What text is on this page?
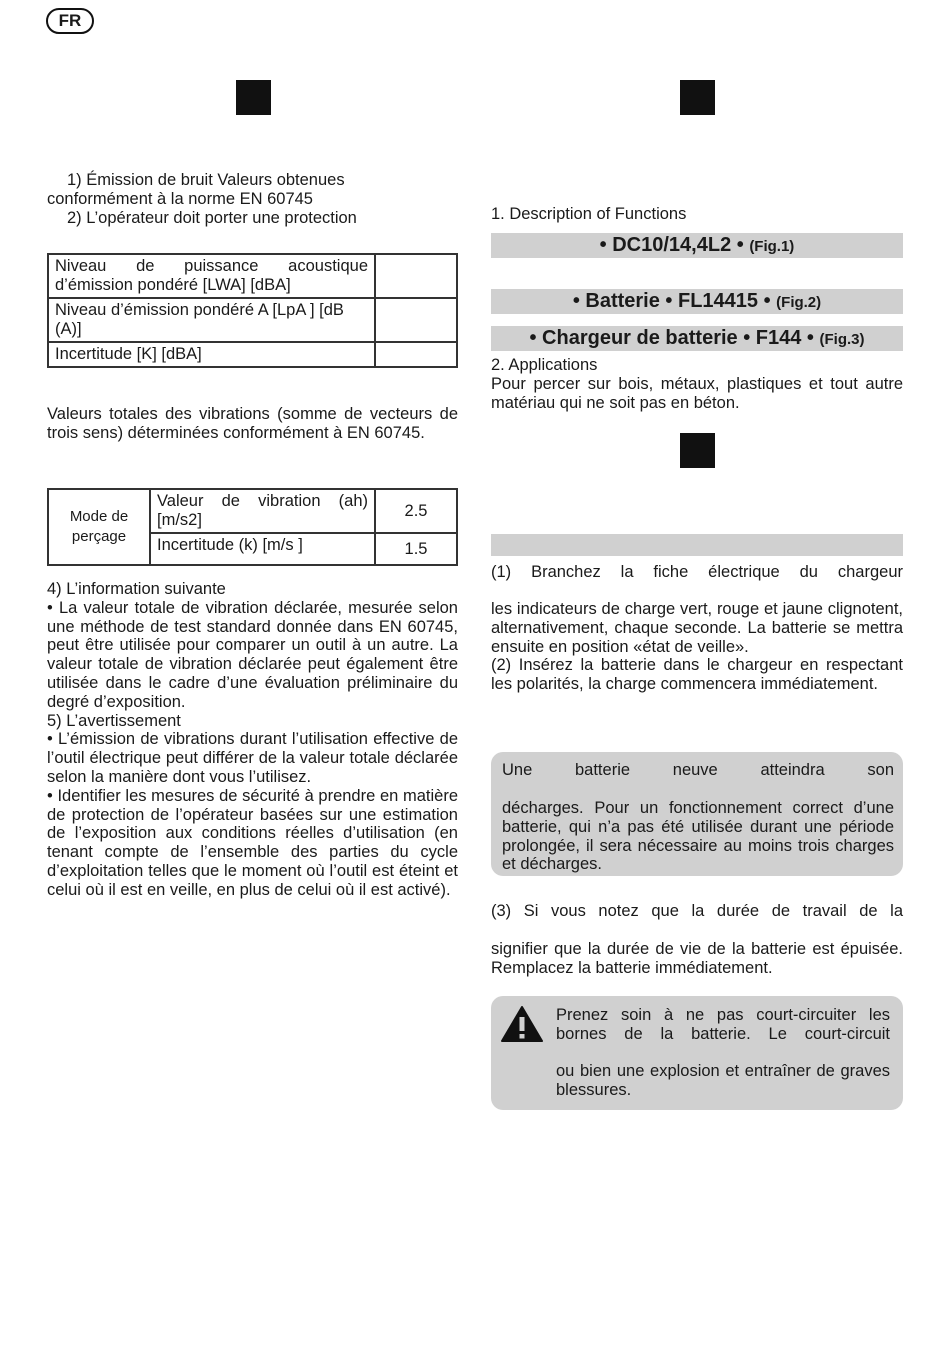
FR

1) Émission de bruit Valeurs obtenues

conformément à la norme EN 60745

2) L’opérateur doit porter une protection

Niveau de puissance acoustique d’émission pondéré [LWA] [dBA]	
Niveau d’émission pondéré A [LpA ] [dB (A)]	
Incertitude [K] [dBA]	
Valeurs totales des vibrations (somme de vecteurs de trois sens) déterminées conformément à EN 60745.
Mode de perçage	Valeur de vibration (ah) [m/s2]	2.5
	Incertitude (k) [m/s ]	1.5

4) L’information suivante

• La valeur totale de vibration déclarée, mesurée selon une méthode de test standard donnée dans EN 60745, peut être utilisée pour comparer un outil à un autre. La valeur totale de vibration déclarée peut également être utilisée dans le cadre d’une évaluation préliminaire du degré d’exposition.

5) L’avertissement

• L’émission de vibrations durant l’utilisation effective de l’outil électrique peut différer de la valeur totale déclarée selon la manière dont vous l’utilisez.

• Identifier les mesures de sécurité à prendre en matière de protection de l’opérateur basées sur une estimation de l’exposition aux conditions réelles d’utilisation (en tenant compte de l’ensemble des parties du cycle d’exploitation telles que le moment où l’outil est éteint et celui où il est en veille, en plus de celui où il est activé).

1. Description of Functions
• DC10/14,4L2 • (Fig.1)
• Batterie • FL14415 • (Fig.2)
• Chargeur de batterie • F144 • (Fig.3)

2. Applications

Pour percer sur bois, métaux, plastiques et tout autre matériau qui ne soit pas en béton.

(1) Branchez la fiche électrique du chargeur

les indicateurs de charge vert, rouge et jaune clignotent, alternativement, chaque seconde. La batterie se mettra ensuite en position «état de veille».

(2) Insérez la batterie dans le chargeur en respectant les polarités, la charge commencera immédiatement.

Une batterie neuve atteindra son
décharges. Pour un fonctionnement correct d’une batterie, qui n’a pas été utilisée durant une période prolongée, il sera nécessaire au moins trois charges et décharges.
(3) Si vous notez que la durée de travail de la
signifier que la durée de vie de la batterie est épuisée. Remplacez la batterie immédiatement.

Prenez soin à ne pas court-circuiter les

bornes de la batterie. Le court-circuit

ou bien une explosion et entraîner de graves blessures.
